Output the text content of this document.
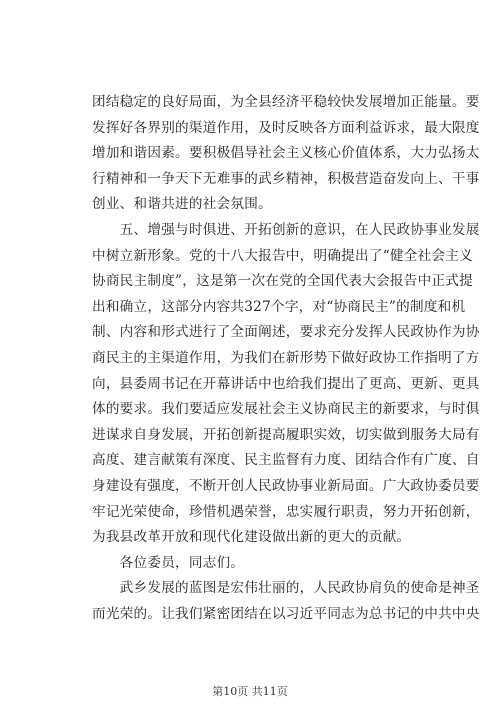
团结稳定的良好局面，为全县经济平稳较快发展增加正能量。要
发挥好各界别的渠道作用，及时反映各方面利益诉求，最大限度
增加和谐因素。要积极倡导社会主义核心价值体系，大力弘扬太
行精神和一争天下无难事的武乡精神，积极营造奋发向上、干事
创业、和谐共进的社会氛围。
　　五、增强与时俱进、开拓创新的意识，在人民政协事业发展
中树立新形象。党的十八大报告中，明确提出了“健全社会主义
协商民主制度”，这是第一次在党的全国代表大会报告中正式提
出和确立，这部分内容共327个字，对“协商民主”的制度和机
制、内容和形式进行了全面阐述，要求充分发挥人民政协作为协
商民主的主渠道作用，为我们在新形势下做好政协工作指明了方
向，县委周书记在开幕讲话中也给我们提出了更高、更新、更具
体的要求。我们要适应发展社会主义协商民主的新要求，与时俱
进谋求自身发展，开拓创新提高履职实效，切实做到服务大局有
高度、建言献策有深度、民主监督有力度、团结合作有广度、自
身建设有强度，不断开创人民政协事业新局面。广大政协委员要
牢记光荣使命，珍惜机遇荣誉，忠实履行职责，努力开拓创新，
为我县改革开放和现代化建设做出新的更大的贡献。
　　各位委员，同志们。
　　武乡发展的蓝图是宏伟壮丽的，人民政协肩负的使命是神圣
而光荣的。让我们紧密团结在以习近平同志为总书记的中共中央
第10页 共11页
